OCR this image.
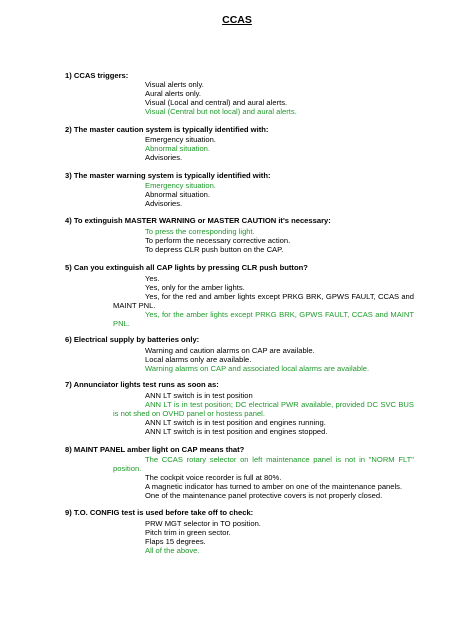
CCAS
1) CCAS triggers:
Visual alerts only.
Aural alerts only.
Visual (Local and central) and aural alerts.
Visual (Central but not local) and aural alerts.
2) The master caution system is typically identified with:
Emergency situation.
Abnormal situation.
Advisories.
3) The master warning system is typically identified with:
Emergency situation.
Abnormal situation.
Advisories.
4) To extinguish MASTER WARNING or MASTER CAUTION it's necessary:
To press the corresponding light.
To perform the necessary corrective action.
To depress CLR push button on the CAP.
5) Can you extinguish all CAP lights by pressing CLR push button?
Yes.
Yes, only for the amber lights.
Yes, for the red and amber lights except PRKG BRK, GPWS FAULT, CCAS and MAINT PNL.
Yes, for the amber lights except PRKG BRK, GPWS FAULT, CCAS and MAINT PNL.
6) Electrical supply by batteries only:
Warning and caution alarms on CAP are available.
Local alarms only are available.
Warning alarms on CAP and associated local alarms are available.
7) Annunciator lights test runs as soon as:
ANN LT switch is in test position
ANN LT is in test position; DC electrical PWR available, provided DC SVC BUS is not shed on OVHD panel or hostess panel.
ANN LT switch is in test position and engines running.
ANN LT switch is in test position and engines stopped.
8) MAINT PANEL amber light on CAP means that?
The CCAS rotary selector on left maintenance panel is not in "NORM FLT" position.
The cockpit voice recorder is full at 80%.
A magnetic indicator has turned to amber on one of the maintenance panels.
One of the maintenance panel protective covers is not properly closed.
9) T.O. CONFIG test is used before take off to check:
PRW MGT selector in TO position.
Pitch trim in green sector.
Flaps 15 degrees.
All of the above.
